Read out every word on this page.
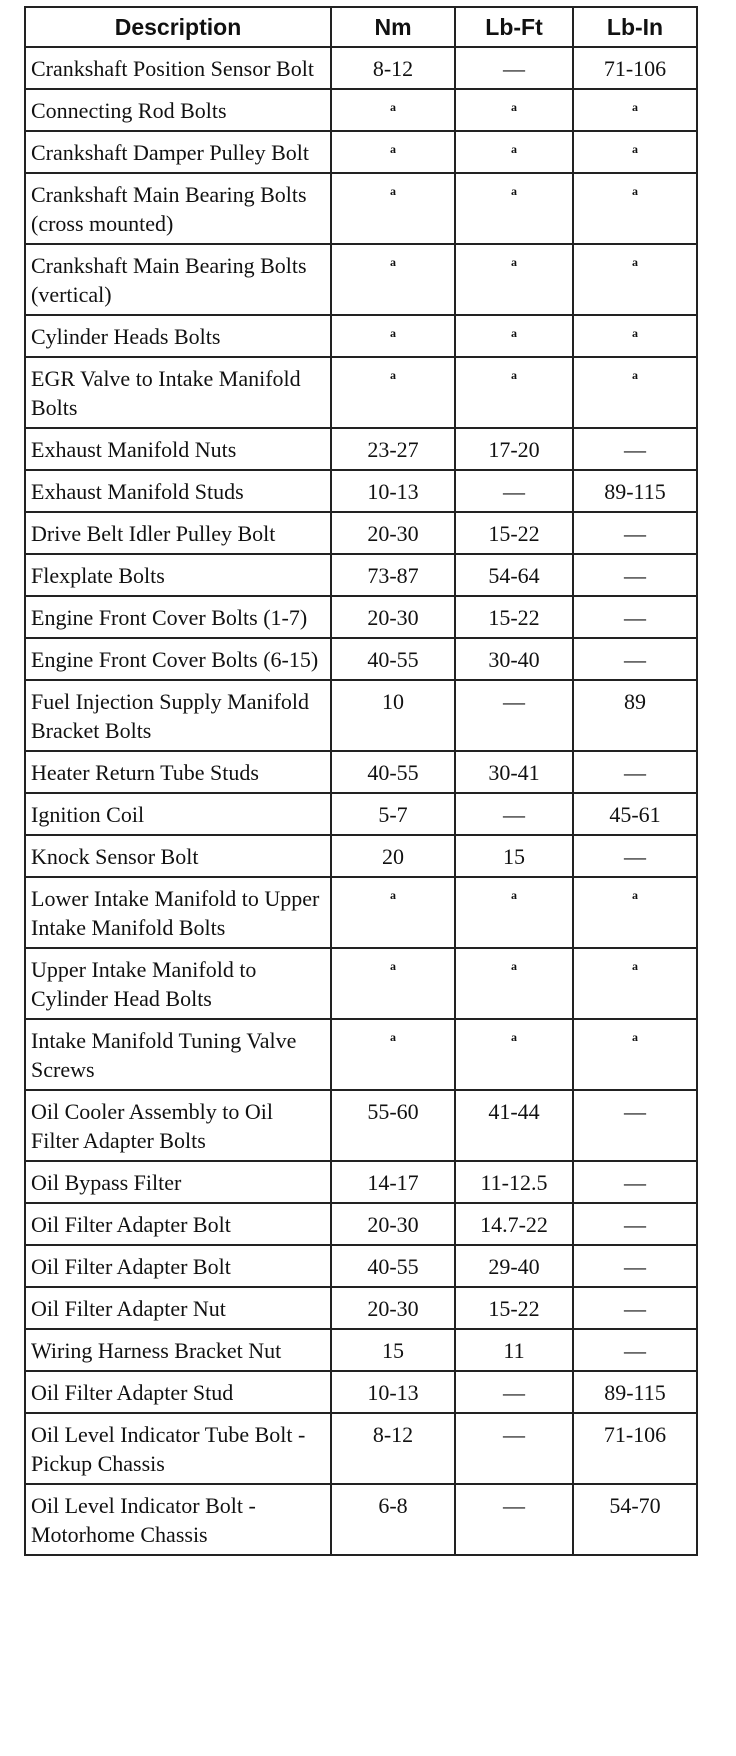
Description	Nm	Lb-Ft	Lb-In
Crankshaft Position Sensor Bolt	8-12	—	71-106
Connecting Rod Bolts	$^a$	$^a$	$^a$
Crankshaft Damper Pulley Bolt	$^a$	$^a$	$^a$
Crankshaft Main Bearing Bolts (cross mounted)	$^a$	$^a$	$^a$
Crankshaft Main Bearing Bolts (vertical)	$^a$	$^a$	$^a$
Cylinder Heads Bolts	$^a$	$^a$	$^a$
EGR Valve to Intake Manifold Bolts	$^a$	$^a$	$^a$
Exhaust Manifold Nuts	23-27	17-20	—
Exhaust Manifold Studs	10-13	—	89-115
Drive Belt Idler Pulley Bolt	20-30	15-22	—
Flexplate Bolts	73-87	54-64	—
Engine Front Cover Bolts (1-7)	20-30	15-22	—
Engine Front Cover Bolts (6-15)	40-55	30-40	—
Fuel Injection Supply Manifold Bracket Bolts	10	—	89
Heater Return Tube Studs	40-55	30-41	—
Ignition Coil	5-7	—	45-61
Knock Sensor Bolt	20	15	—
Lower Intake Manifold to Upper Intake Manifold Bolts	$^a$	$^a$	$^a$
Upper Intake Manifold to Cylinder Head Bolts	$^a$	$^a$	$^a$
Intake Manifold Tuning Valve Screws	$^a$	$^a$	$^a$
Oil Cooler Assembly to Oil Filter Adapter Bolts	55-60	41-44	—
Oil Bypass Filter	14-17	11-12.5	—
Oil Filter Adapter Bolt	20-30	14.7-22	—
Oil Filter Adapter Bolt	40-55	29-40	—
Oil Filter Adapter Nut	20-30	15-22	—
Wiring Harness Bracket Nut	15	11	—
Oil Filter Adapter Stud	10-13	—	89-115
Oil Level Indicator Tube Bolt - Pickup Chassis	8-12	—	71-106
Oil Level Indicator Bolt - Motorhome Chassis	6-8	—	54-70
